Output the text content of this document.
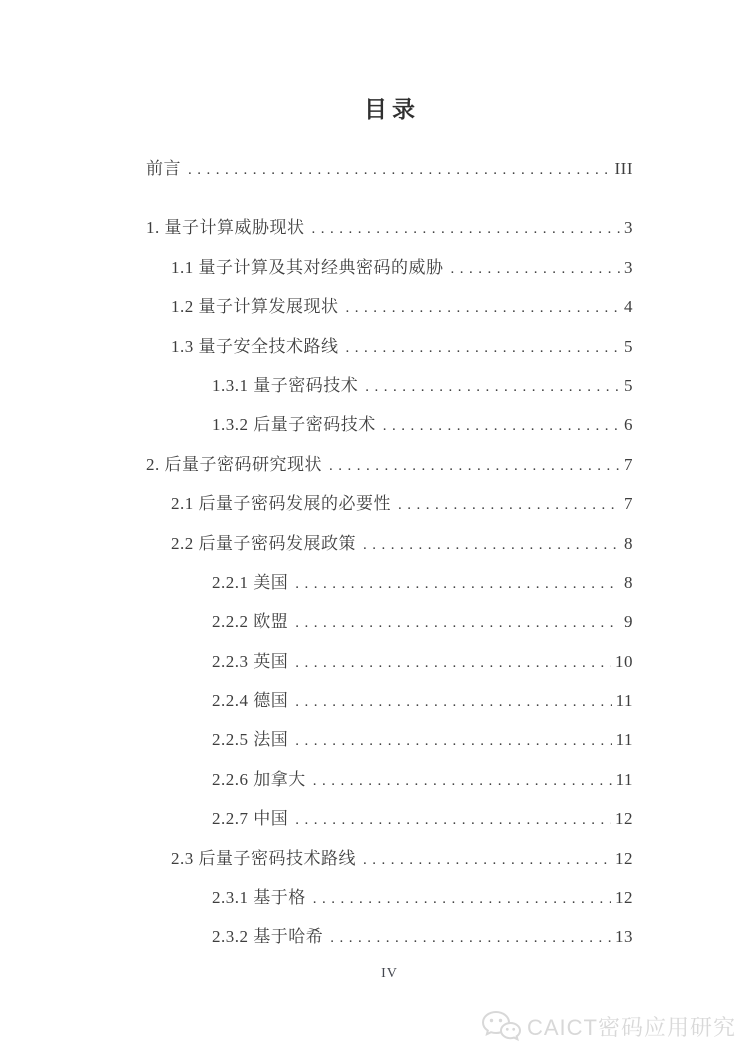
目录
前言 .....	III
1. 量子计算威胁现状 .....	3
1.1 量子计算及其对经典密码的威胁 .....	3
1.2 量子计算发展现状 .....	4
1.3 量子安全技术路线 .....	5
1.3.1 量子密码技术 .....	5
1.3.2 后量子密码技术 .....	6
2. 后量子密码研究现状 .....	7
2.1 后量子密码发展的必要性 .....	7
2.2 后量子密码发展政策 .....	8
2.2.1 美国 .....	8
2.2.2 欧盟 .....	9
2.2.3 英国 .....	10
2.2.4 德国 .....	11
2.2.5 法国 .....	11
2.2.6 加拿大 .....	11
2.2.7 中国 .....	12
2.3 后量子密码技术路线 .....	12
2.3.1 基于格 .....	12
2.3.2 基于哈希 .....	13
IV
CAICT密码应用研究
